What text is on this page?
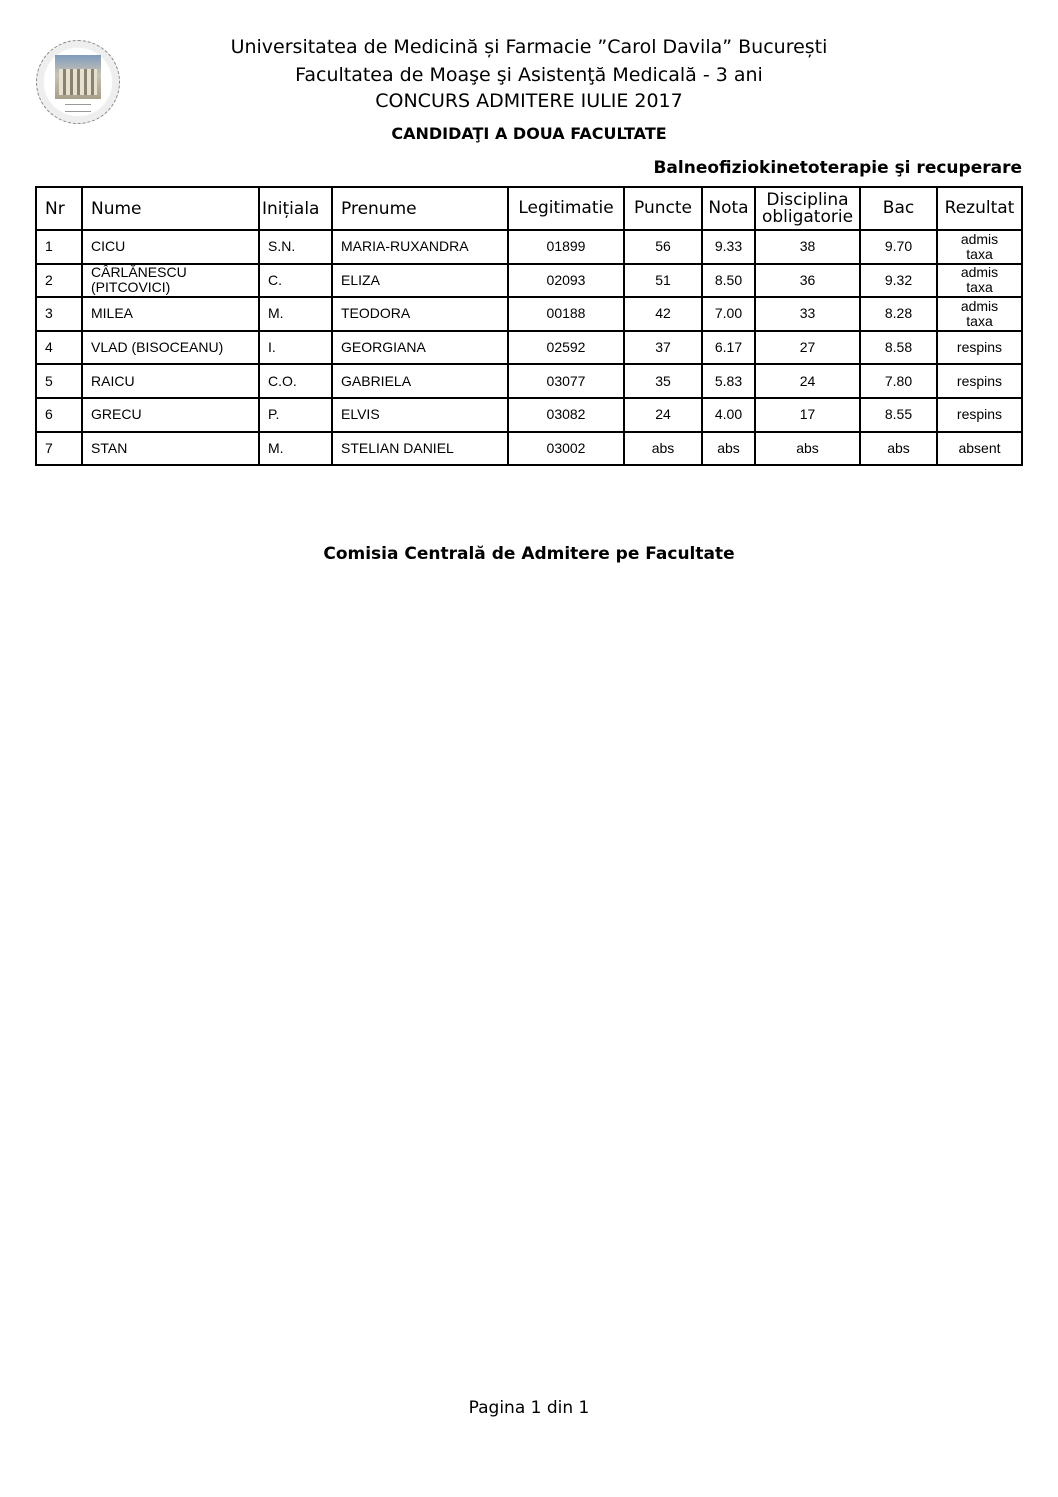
Universitatea de Medicină și Farmacie ”Carol Davila” București
Facultatea de Moaşe şi Asistenţă Medicală - 3 ani
CONCURS ADMITERE IULIE 2017
CANDIDAŢI A DOUA FACULTATE
Balneofiziokinetoterapie şi recuperare
Nr	Nume	Inițiala	Prenume	Legitimatie	Puncte	Nota	Disciplina obligatorie	Bac	Rezultat
1	CICU	S.N.	MARIA-RUXANDRA	01899	56	9.33	38	9.70	admis taxa
2	CÂRLĂNESCU (PITCOVICI)	C.	ELIZA	02093	51	8.50	36	9.32	admis taxa
3	MILEA	M.	TEODORA	00188	42	7.00	33	8.28	admis taxa
4	VLAD (BISOCEANU)	I.	GEORGIANA	02592	37	6.17	27	8.58	respins
5	RAICU	C.O.	GABRIELA	03077	35	5.83	24	7.80	respins
6	GRECU	P.	ELVIS	03082	24	4.00	17	8.55	respins
7	STAN	M.	STELIAN DANIEL	03002	abs	abs	abs	abs	absent
Comisia Centrală de Admitere pe Facultate
Pagina 1 din 1
